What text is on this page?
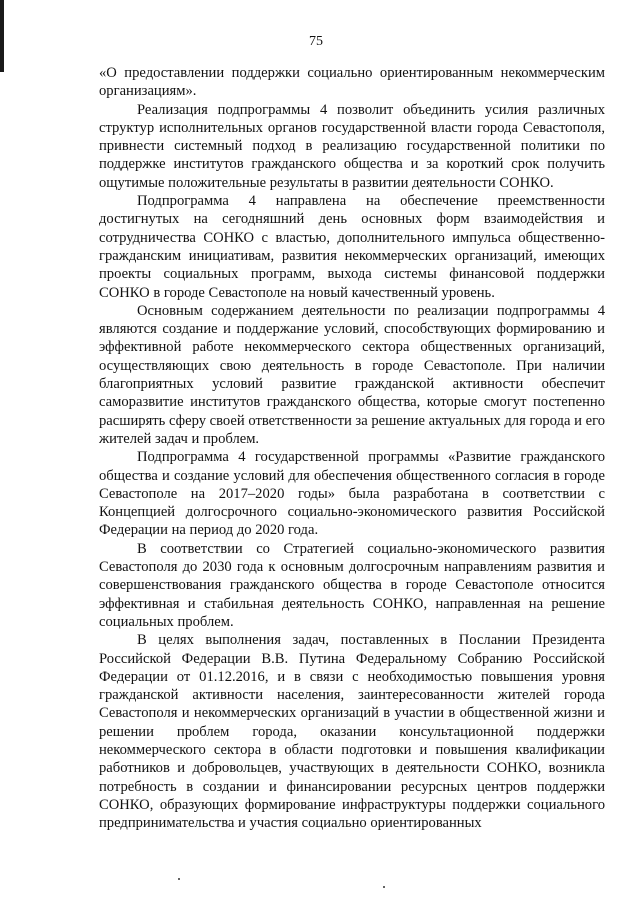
75

«О предоставлении поддержки социально ориентированным некоммерческим организациям».

Реализация подпрограммы 4 позволит объединить усилия различных структур исполнительных органов государственной власти города Севастополя, привнести системный подход в реализацию государственной политики по поддержке институтов гражданского общества и за короткий срок получить ощутимые положительные результаты в развитии деятельности СОНКО.

Подпрограмма 4 направлена на обеспечение преемственности достигнутых на сегодняшний день основных форм взаимодействия и сотрудничества СОНКО с властью, дополнительного импульса общественно-гражданским инициативам, развития некоммерческих организаций, имеющих проекты социальных программ, выхода системы финансовой поддержки СОНКО в городе Севастополе на новый качественный уровень.

Основным содержанием деятельности по реализации подпрограммы 4 являются создание и поддержание условий, способствующих формированию и эффективной работе некоммерческого сектора общественных организаций, осуществляющих свою деятельность в городе Севастополе. При наличии благоприятных условий развитие гражданской активности обеспечит саморазвитие институтов гражданского общества, которые смогут постепенно расширять сферу своей ответственности за решение актуальных для города и его жителей задач и проблем.

Подпрограмма 4 государственной программы «Развитие гражданского общества и создание условий для обеспечения общественного согласия в городе Севастополе на 2017–2020 годы» была разработана в соответствии с Концепцией долгосрочного социально-экономического развития Российской Федерации на период до 2020 года.

В соответствии со Стратегией социально-экономического развития Севастополя до 2030 года к основным долгосрочным направлениям развития и совершенствования гражданского общества в городе Севастополе относится эффективная и стабильная деятельность СОНКО, направленная на решение социальных проблем.

В целях выполнения задач, поставленных в Послании Президента Российской Федерации В.В. Путина Федеральному Собранию Российской Федерации от 01.12.2016, и в связи с необходимостью повышения уровня гражданской активности населения, заинтересованности жителей города Севастополя и некоммерческих организаций в участии в общественной жизни и решении проблем города, оказании консультационной поддержки некоммерческого сектора в области подготовки и повышения квалификации работников и добровольцев, участвующих в деятельности СОНКО, возникла потребность в создании и финансировании ресурсных центров поддержки СОНКО, образующих формирование инфраструктуры поддержки социального предпринимательства и участия социально ориентированных
